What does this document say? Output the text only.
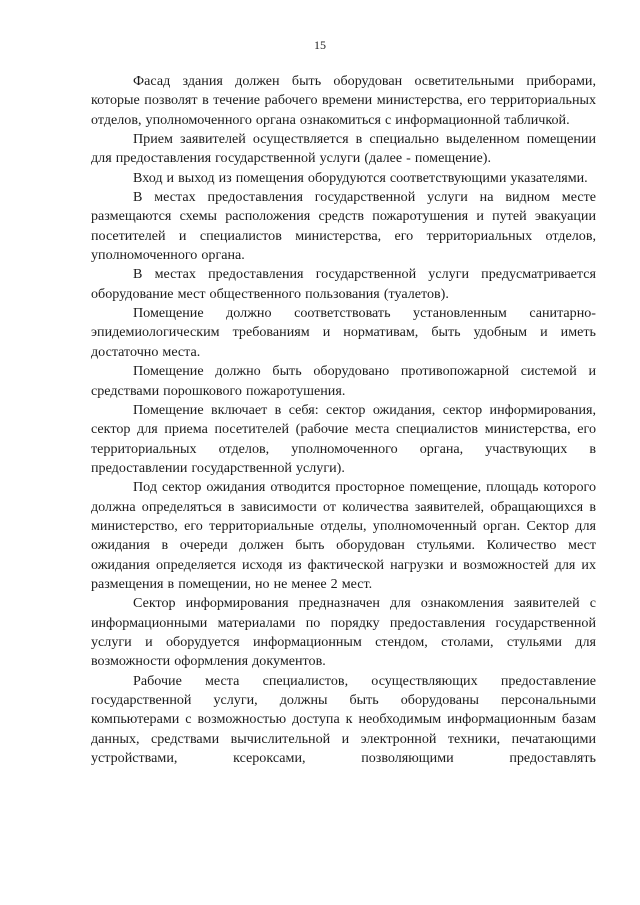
15

Фасад здания должен быть оборудован осветительными приборами, которые позволят в течение рабочего времени министерства, его территориальных отделов, уполномоченного органа ознакомиться с информационной табличкой.

Прием заявителей осуществляется в специально выделенном помещении для предоставления государственной услуги (далее - помещение).

Вход и выход из помещения оборудуются соответствующими указателями.

В местах предоставления государственной услуги на видном месте размещаются схемы расположения средств пожаротушения и путей эвакуации посетителей и специалистов министерства, его территориальных отделов, уполномоченного органа.

В местах предоставления государственной услуги предусматривается оборудование мест общественного пользования (туалетов).

Помещение должно соответствовать установленным санитарно-эпидемиологическим требованиям и нормативам, быть удобным и иметь достаточно места.

Помещение должно быть оборудовано противопожарной системой и средствами порошкового пожаротушения.

Помещение включает в себя: сектор ожидания, сектор информирования, сектор для приема посетителей (рабочие места специалистов министерства, его территориальных отделов, уполномоченного органа, участвующих в предоставлении государственной услуги).

Под сектор ожидания отводится просторное помещение, площадь которого должна определяться в зависимости от количества заявителей, обращающихся в министерство, его территориальные отделы, уполномоченный орган. Сектор для ожидания в очереди должен быть оборудован стульями. Количество мест ожидания определяется исходя из фактической нагрузки и возможностей для их размещения в помещении, но не менее 2 мест.

Сектор информирования предназначен для ознакомления заявителей с информационными материалами по порядку предоставления государственной услуги и оборудуется информационным стендом, столами, стульями для возможности оформления документов.

Рабочие места специалистов, осуществляющих предоставление государственной услуги, должны быть оборудованы персональными компьютерами с возможностью доступа к необходимым информационным базам данных, средствами вычислительной и электронной техники, печатающими устройствами, ксероксами, позволяющими предоставлять
